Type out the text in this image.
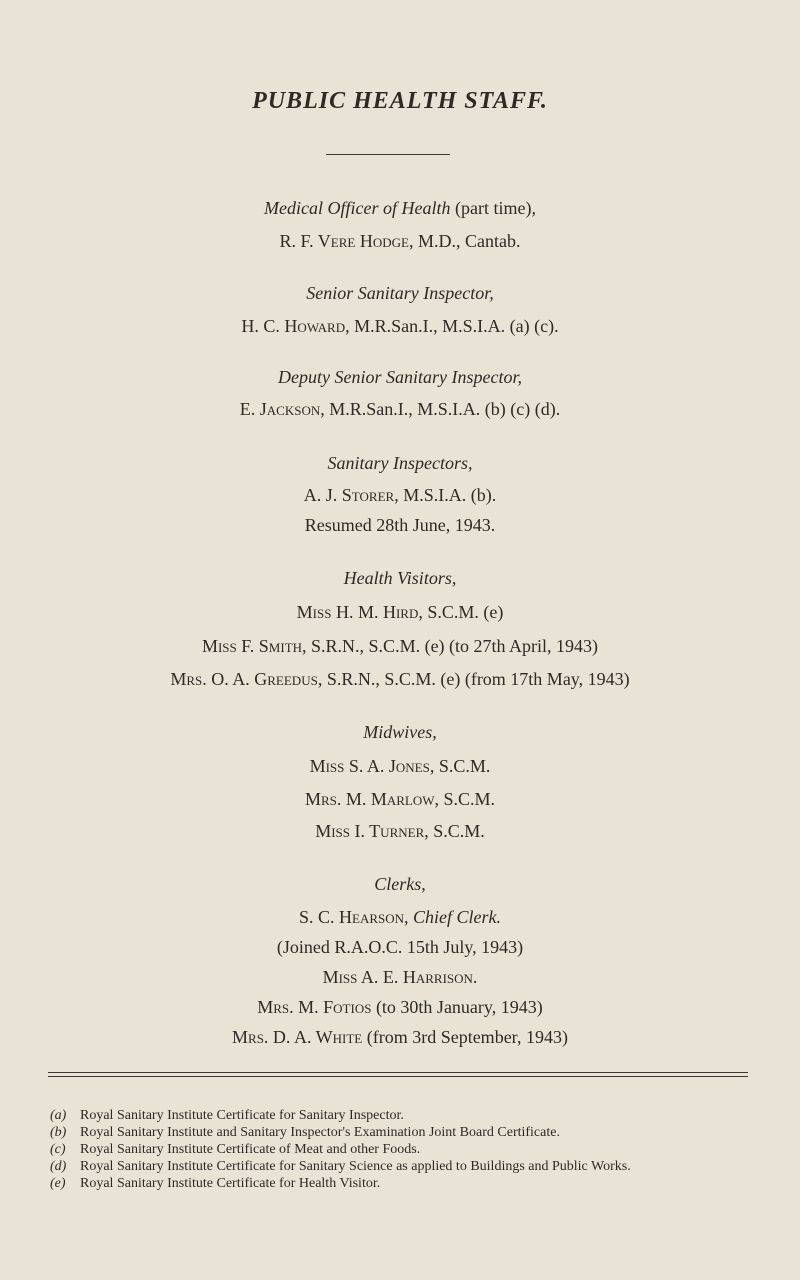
PUBLIC HEALTH STAFF.
Medical Officer of Health (part time),
R. F. Vere Hodge, M.D., Cantab.
Senior Sanitary Inspector,
H. C. Howard, M.R.San.I., M.S.I.A. (a) (c).
Deputy Senior Sanitary Inspector,
E. Jackson, M.R.San.I., M.S.I.A. (b) (c) (d).
Sanitary Inspectors,
A. J. Storer, M.S.I.A. (b).
Resumed 28th June, 1943.
Health Visitors,
Miss H. M. Hird, S.C.M. (e)
Miss F. Smith, S.R.N., S.C.M. (e) (to 27th April, 1943)
Mrs. O. A. Greedus, S.R.N., S.C.M. (e) (from 17th May, 1943)
Midwives,
Miss S. A. Jones, S.C.M.
Mrs. M. Marlow, S.C.M.
Miss I. Turner, S.C.M.
Clerks,
S. C. Hearson, Chief Clerk.
(Joined R.A.O.C. 15th July, 1943)
Miss A. E. Harrison.
Mrs. M. Fotios (to 30th January, 1943)
Mrs. D. A. White (from 3rd September, 1943)
(a) Royal Sanitary Institute Certificate for Sanitary Inspector.
(b) Royal Sanitary Institute and Sanitary Inspector's Examination Joint Board Certificate.
(c)	Royal Sanitary Institute Certificate of Meat and other Foods.
(d) Royal Sanitary Institute Certificate for Sanitary Science as applied to Buildings and Public Works.
(e)	Royal Sanitary Institute Certificate for Health Visitor.
